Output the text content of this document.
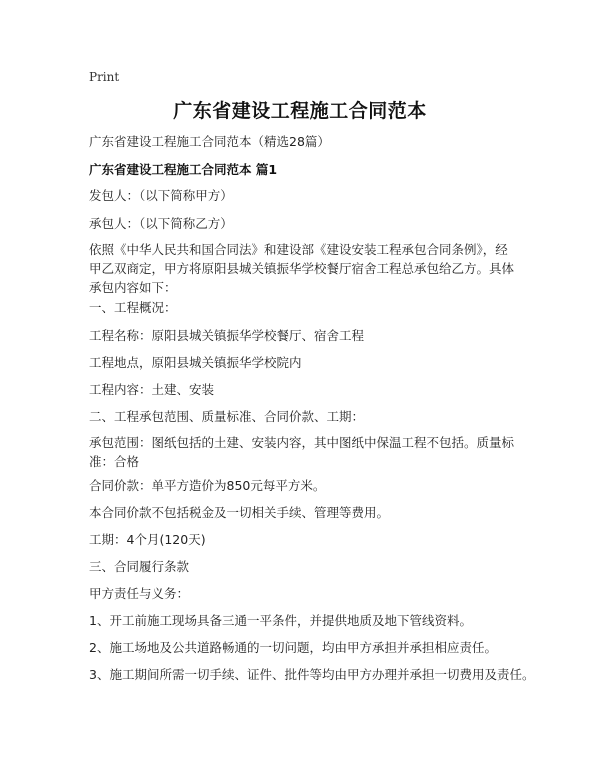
Print
广东省建设工程施工合同范本
广东省建设工程施工合同范本（精选28篇）
广东省建设工程施工合同范本 篇1
发包人：（以下简称甲方）
承包人：（以下简称乙方）
依照《中华人民共和国合同法》和建设部《建设安装工程承包合同条例》，经甲乙双商定，甲方将原阳县城关镇振华学校餐厅宿舍工程总承包给乙方。具体承包内容如下：
一、工程概况：
工程名称：原阳县城关镇振华学校餐厅、宿舍工程
工程地点，原阳县城关镇振华学校院内
工程内容：土建、安装
二、工程承包范围、质量标准、合同价款、工期：
承包范围：图纸包括的土建、安装内容，其中图纸中保温工程不包括。质量标准：合格
合同价款：单平方造价为850元每平方米。
本合同价款不包括税金及一切相关手续、管理等费用。
工期：4个月(120天)
三、合同履行条款
甲方责任与义务：
1、开工前施工现场具备三通一平条件，并提供地质及地下管线资料。
2、施工场地及公共道路畅通的一切问题，均由甲方承担并承担相应责任。
3、施工期间所需一切手续、证件、批件等均由甲方办理并承担一切费用及责任。
